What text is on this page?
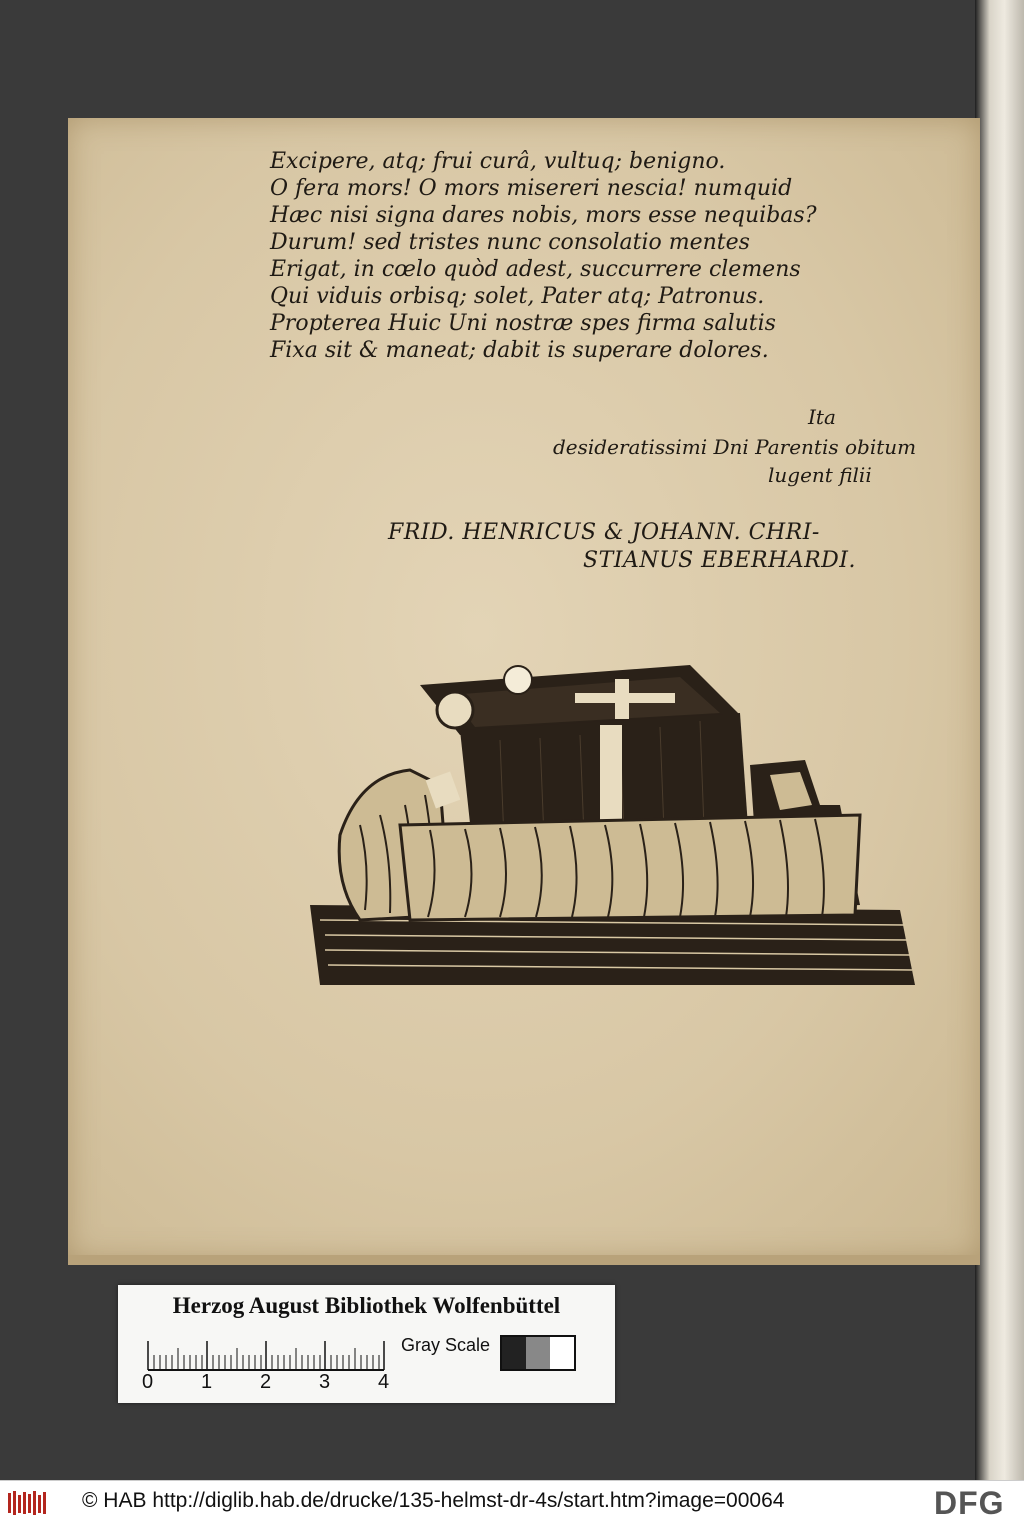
Excipere, atq; frui curâ, vultuq; benigno.
O fera mors! O mors misereri nescia! numquid
Hæc nisi signa dares nobis, mors esse nequibas?
Durum! sed tristes nunc consolatio mentes
Erigat, in cœlo quòd adest, succurrere clemens
Qui viduis orbisq; solet, Pater atq; Patronus.
Propterea Huic Uni nostræ spes firma salutis
Fixa sit & maneat; dabit is superare dolores.
Ita
desideratissimi Dni Parentis obitum
lugent filii
FRID. HENRICUS & JOHANN. CHRI-
STIANUS EBERHARDI.
Herzog August Bibliothek Wolfenbüttel
0 1 2 3 4
Gray Scale
© HAB http://diglib.hab.de/drucke/135-helmst-dr-4s/start.htm?image=00064	DFG
